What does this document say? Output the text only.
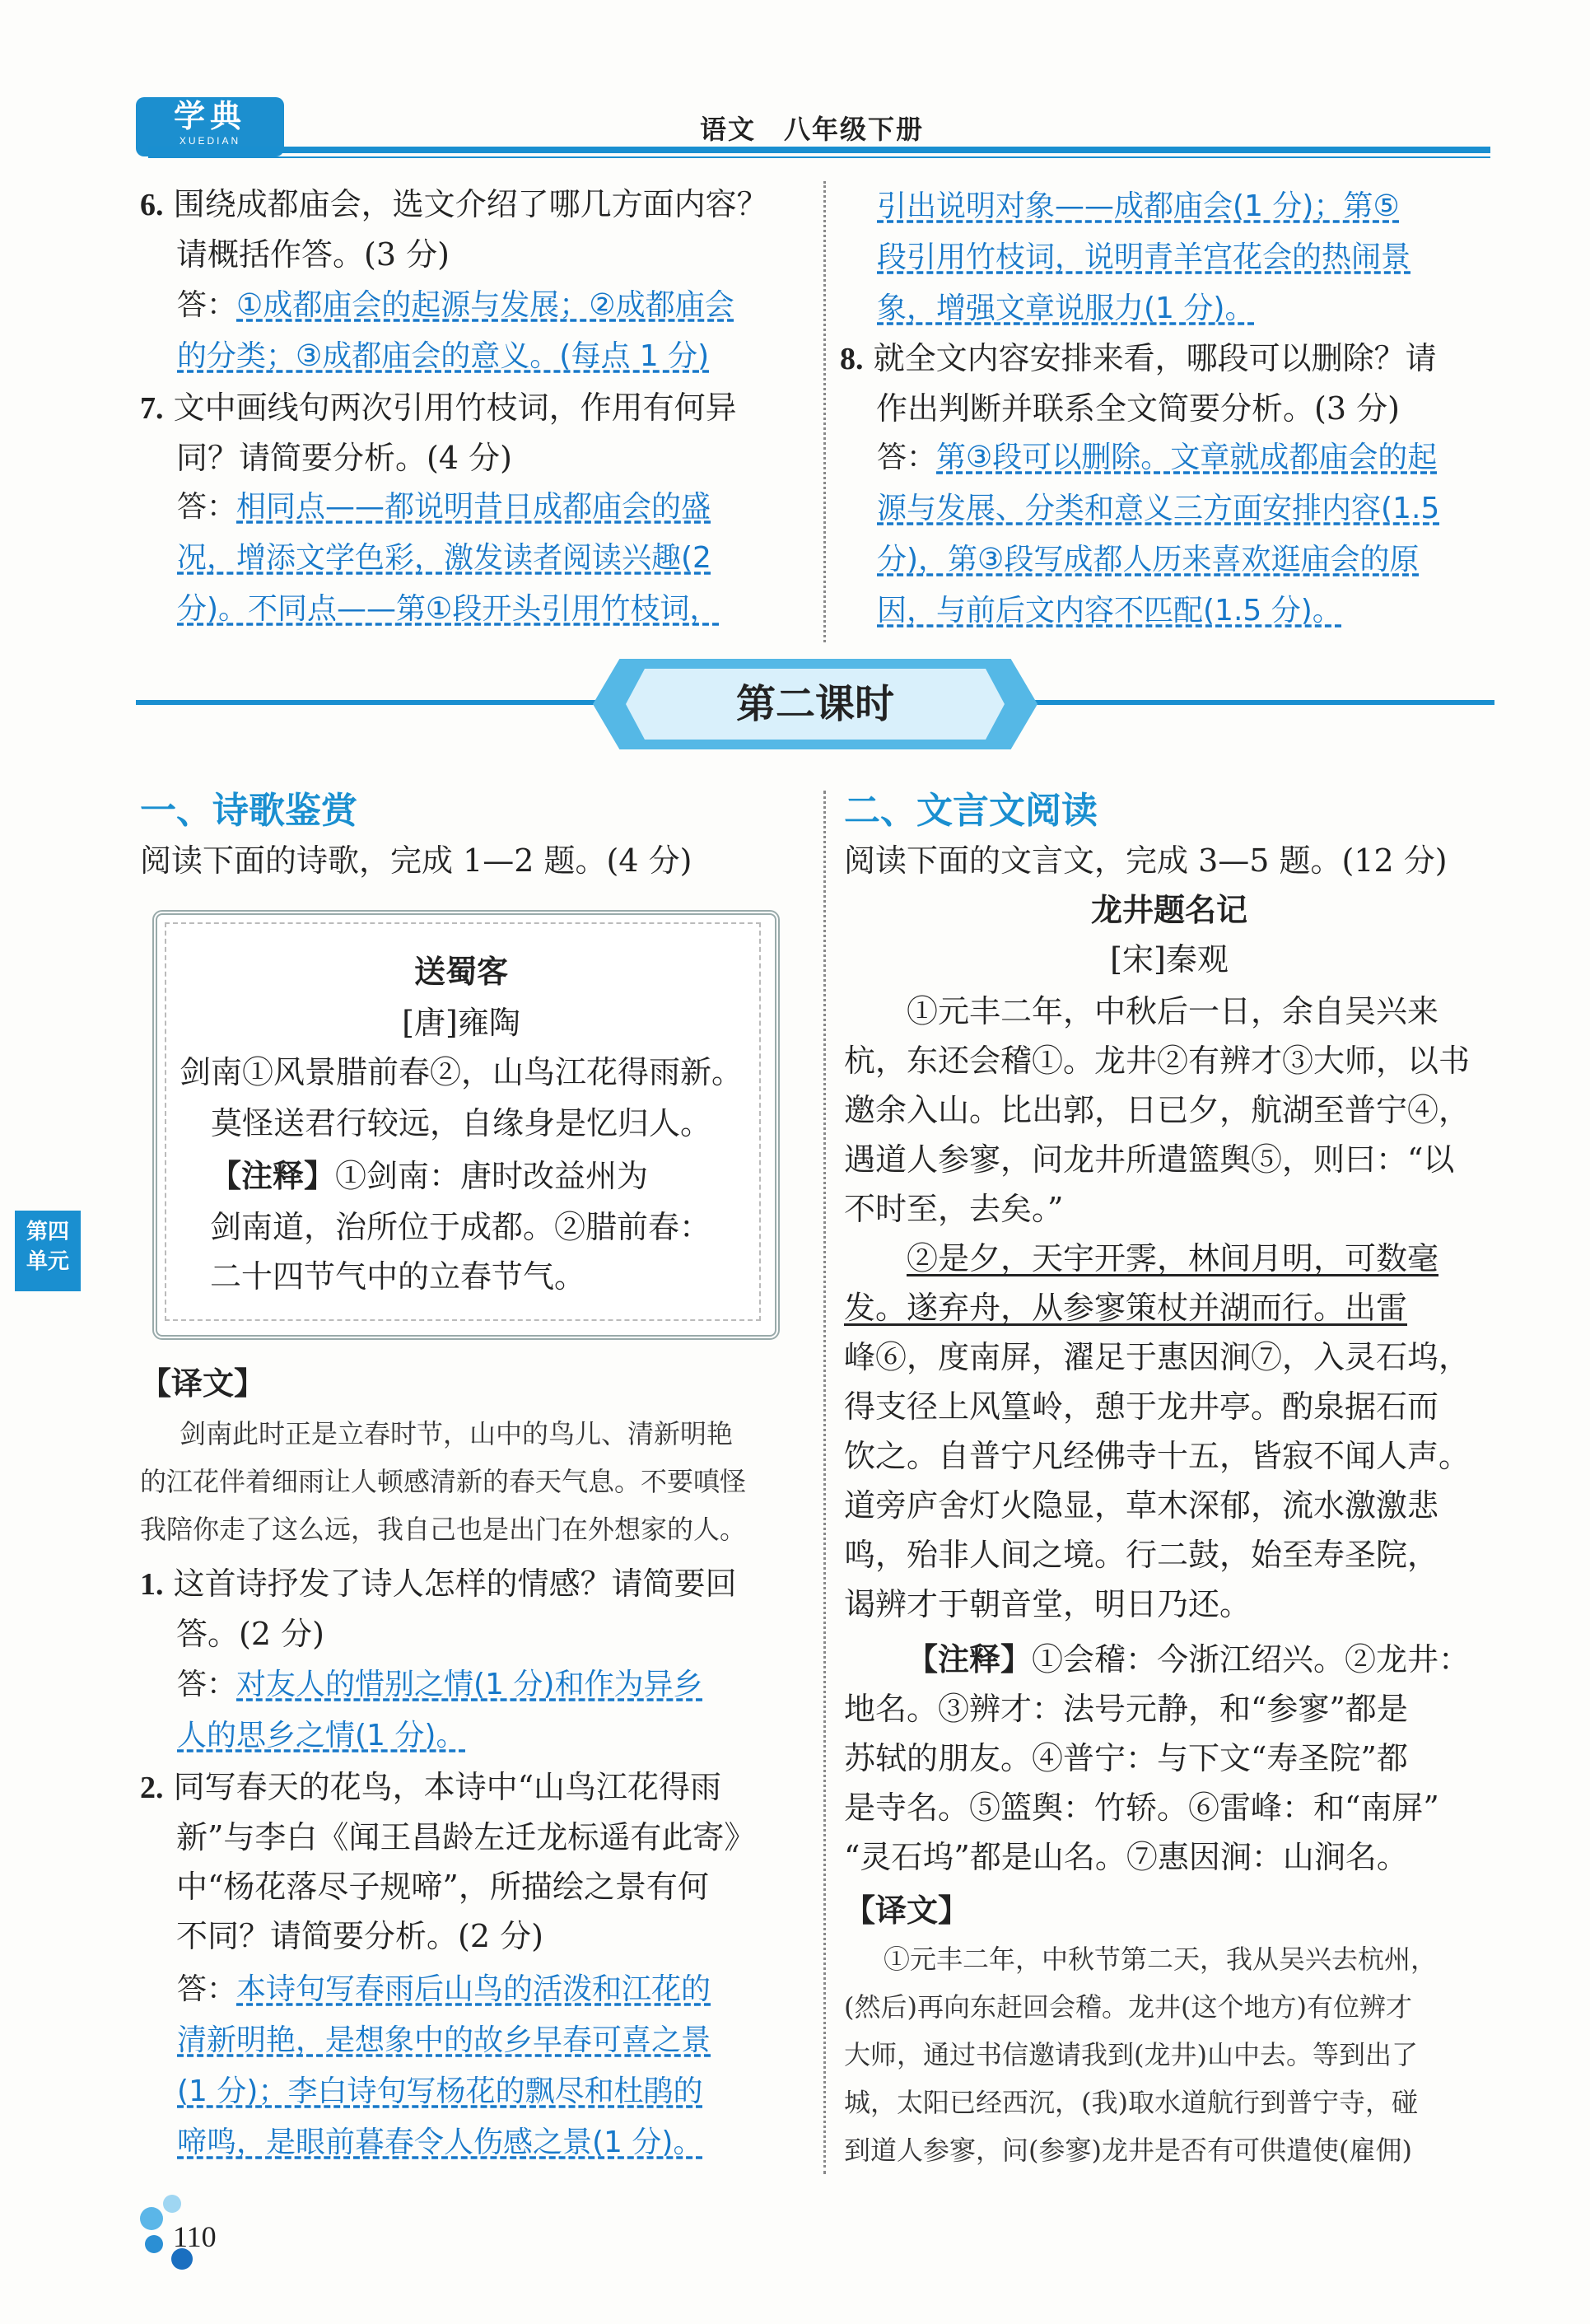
学典
XUEDIAN	语文　八年级下册
6. 围绕成都庙会，选文介绍了哪几方面内容？
请概括作答。(3 分)
答：①成都庙会的起源与发展；②成都庙会
的分类；③成都庙会的意义。(每点 1 分)
7. 文中画线句两次引用竹枝词，作用有何异
同？请简要分析。(4 分)
答：相同点——都说明昔日成都庙会的盛
况，增添文学色彩，激发读者阅读兴趣(2
分)。不同点——第①段开头引用竹枝词，
引出说明对象——成都庙会(1 分)；第⑤
段引用竹枝词，说明青羊宫花会的热闹景
象，增强文章说服力(1 分)。
8. 就全文内容安排来看，哪段可以删除？请
作出判断并联系全文简要分析。(3 分)
答：第③段可以删除。文章就成都庙会的起
源与发展、分类和意义三方面安排内容(1.5
分)，第③段写成都人历来喜欢逛庙会的原
因，与前后文内容不匹配(1.5 分)。
第二课时
一、诗歌鉴赏
阅读下面的诗歌，完成 1—2 题。(4 分)
送蜀客
[唐]雍陶
剑南①风景腊前春②，山鸟江花得雨新。
莫怪送君行较远，自缘身是忆归人。
【注释】①剑南：唐时改益州为
剑南道，治所位于成都。②腊前春：
二十四节气中的立春节气。
【译文】
剑南此时正是立春时节，山中的鸟儿、清新明艳
的江花伴着细雨让人顿感清新的春天气息。不要嗔怪
我陪你走了这么远，我自己也是出门在外想家的人。
1. 这首诗抒发了诗人怎样的情感？请简要回
答。(2 分)
答：对友人的惜别之情(1 分)和作为异乡
人的思乡之情(1 分)。
2. 同写春天的花鸟，本诗中“山鸟江花得雨
新”与李白《闻王昌龄左迁龙标遥有此寄》
中“杨花落尽子规啼”，所描绘之景有何
不同？请简要分析。(2 分)
答：本诗句写春雨后山鸟的活泼和江花的
清新明艳，是想象中的故乡早春可喜之景
(1 分)；李白诗句写杨花的飘尽和杜鹃的
啼鸣，是眼前暮春令人伤感之景(1 分)。
二、文言文阅读
阅读下面的文言文，完成 3—5 题。(12 分)
龙井题名记
[宋]秦观
①元丰二年，中秋后一日，余自吴兴来
杭，东还会稽①。龙井②有辨才③大师，以书
邀余入山。比出郭，日已夕，航湖至普宁④，
遇道人参寥，问龙井所遣篮舆⑤，则曰：“以
不时至，去矣。”
②是夕，天宇开霁，林间月明，可数毫
发。遂弃舟，从参寥策杖并湖而行。出雷
峰⑥，度南屏，濯足于惠因涧⑦，入灵石坞，
得支径上风篁岭，憩于龙井亭。酌泉据石而
饮之。自普宁凡经佛寺十五，皆寂不闻人声。
道旁庐舍灯火隐显，草木深郁，流水激激悲
鸣，殆非人间之境。行二鼓，始至寿圣院，
谒辨才于朝音堂，明日乃还。
【注释】①会稽：今浙江绍兴。②龙井：
地名。③辨才：法号元静，和“参寥”都是
苏轼的朋友。④普宁：与下文“寿圣院”都
是寺名。⑤篮舆：竹轿。⑥雷峰：和“南屏”
“灵石坞”都是山名。⑦惠因涧：山涧名。
【译文】
①元丰二年，中秋节第二天，我从吴兴去杭州，
(然后)再向东赶回会稽。龙井(这个地方)有位辨才
大师，通过书信邀请我到(龙井)山中去。等到出了
城，太阳已经西沉，(我)取水道航行到普宁寺，碰
到道人参寥，问(参寥)龙井是否有可供遣使(雇佣)
第四
单元
110
